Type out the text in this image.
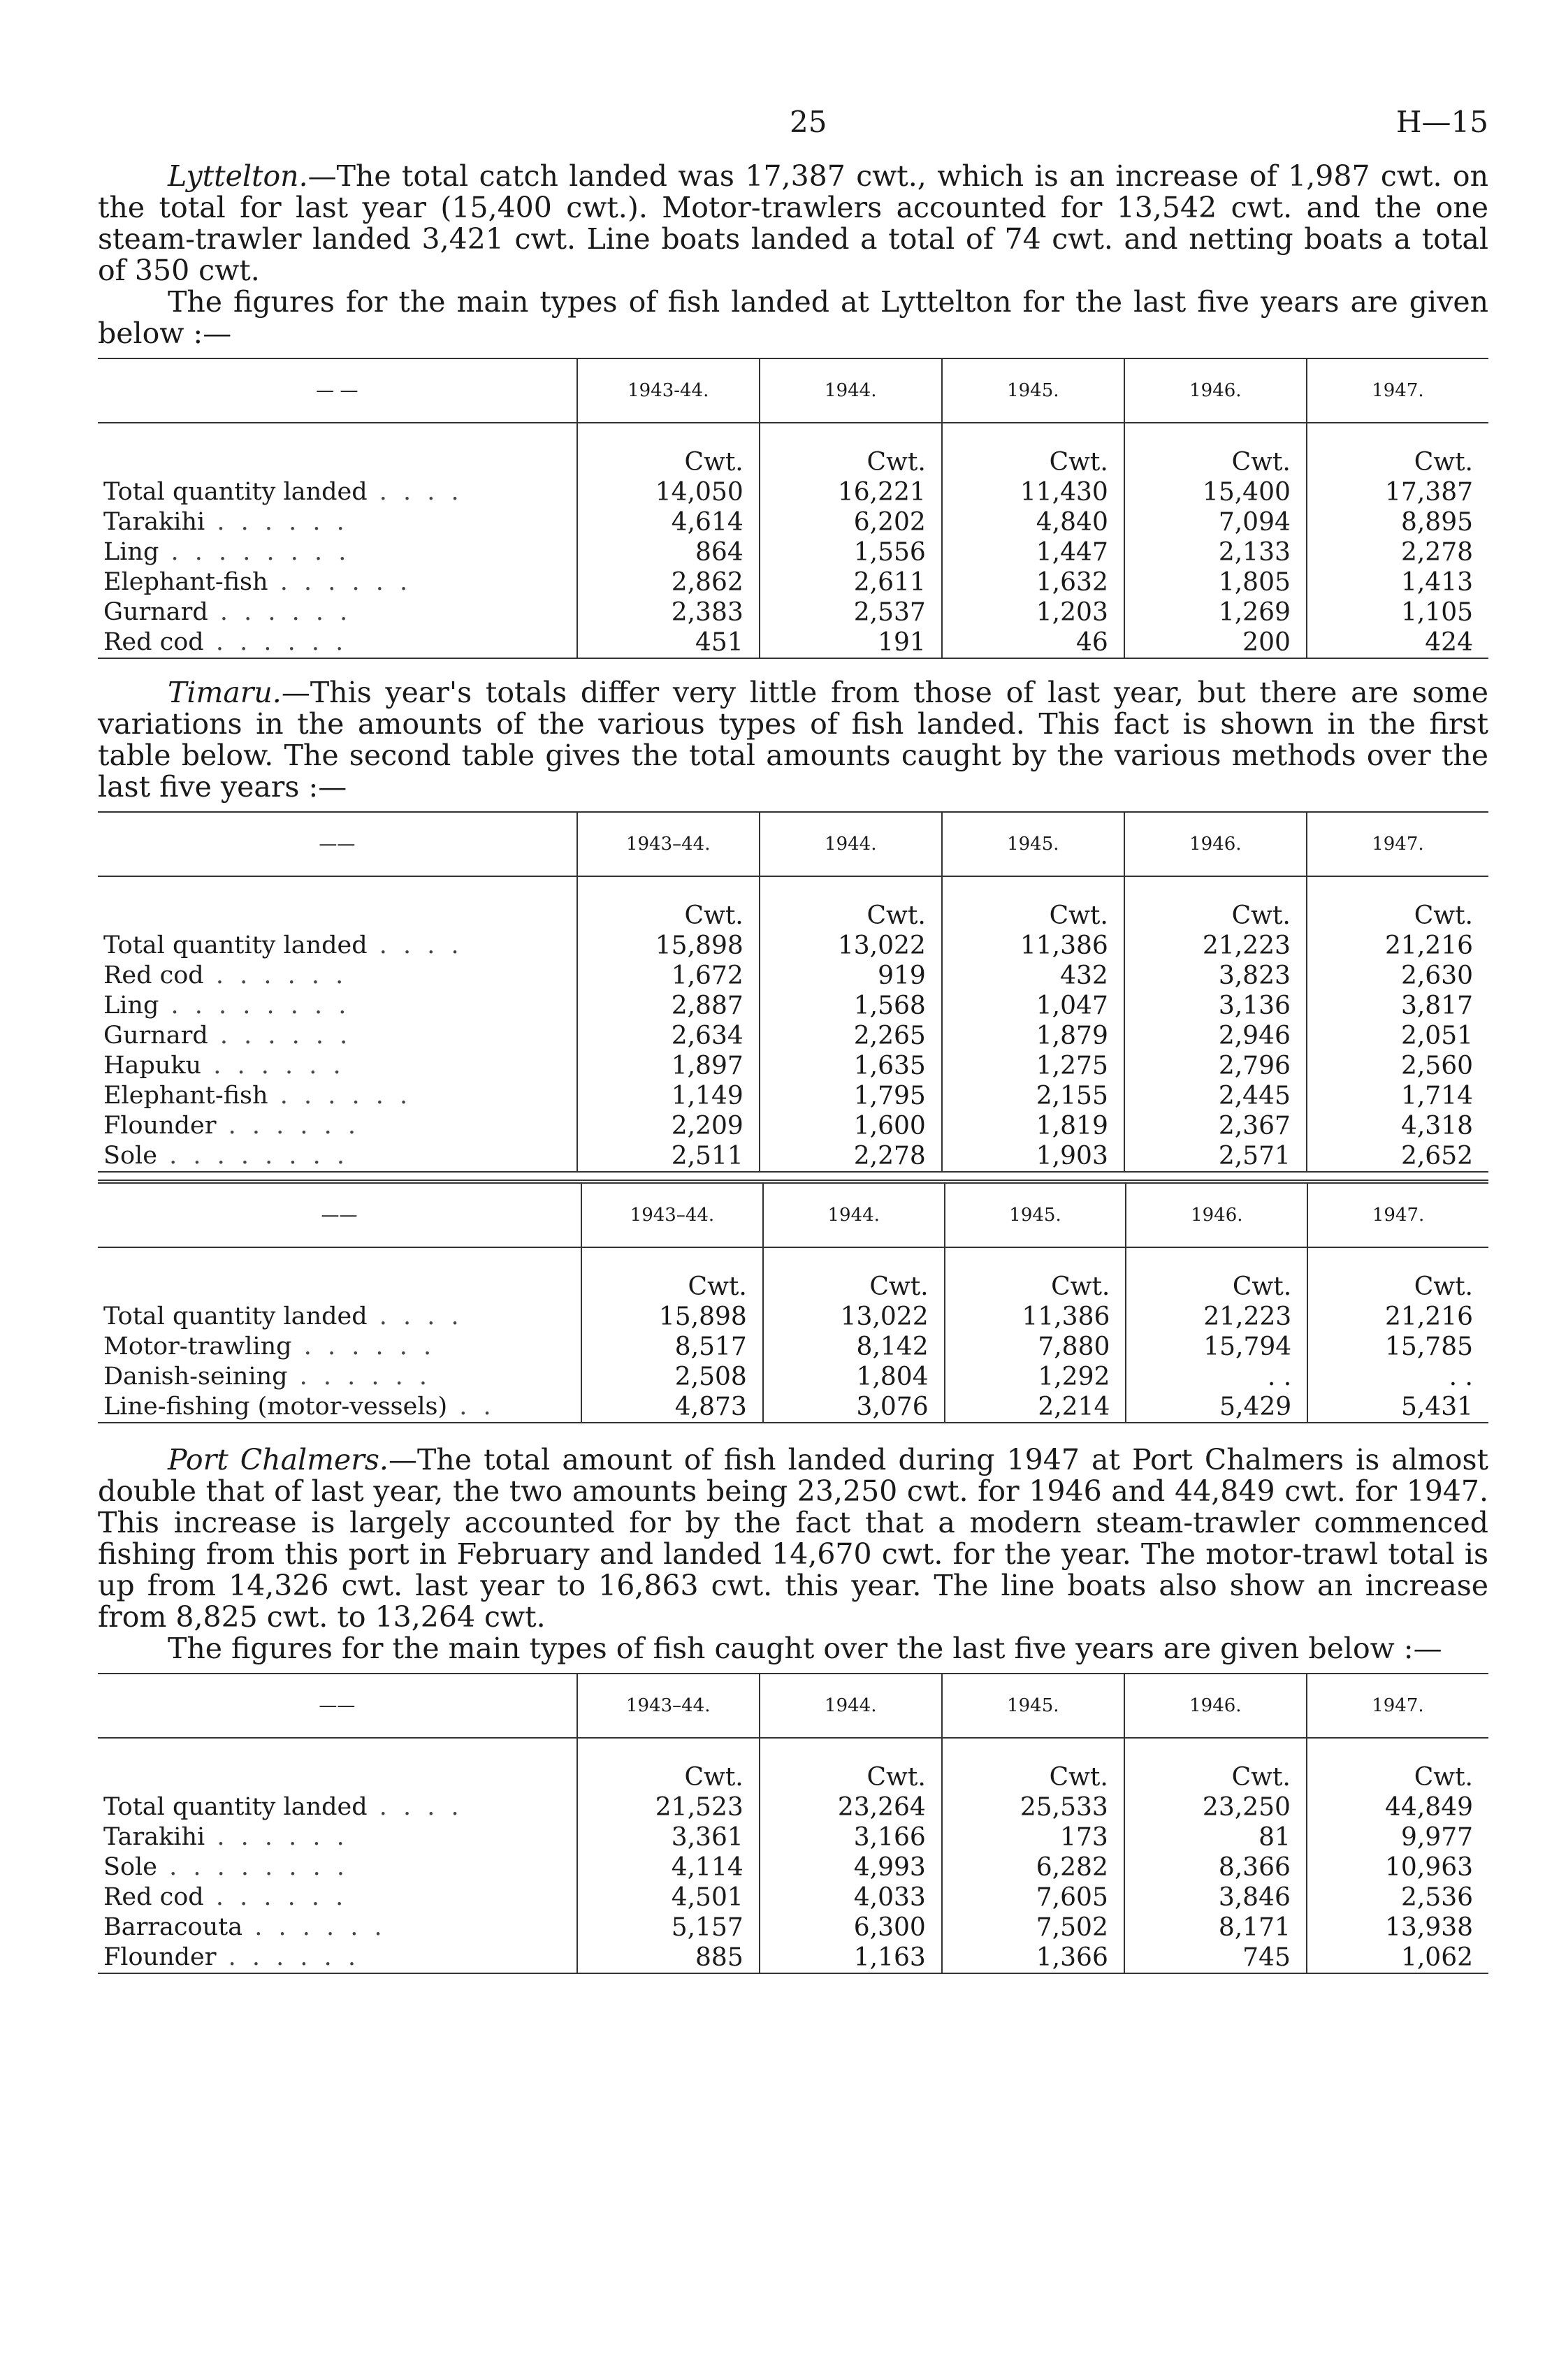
25	H—15

Lyttelton.—The total catch landed was 17,387 cwt., which is an increase of 1,987 cwt. on the total for last year (15,400 cwt.). Motor-trawlers accounted for 13,542 cwt. and the one steam-trawler landed 3,421 cwt. Line boats landed a total of 74 cwt. and netting boats a total of 350 cwt.

The figures for the main types of fish landed at Lyttelton for the last five years are given below :—

— —	1943-44.	1944.	1945.	1946.	1947.
	Cwt.	Cwt.	Cwt.	Cwt.	Cwt.
Total quantity landed . . . .	14,050	16,221	11,430	15,400	17,387
Tarakihi . . . . . .	4,614	6,202	4,840	7,094	8,895
Ling . . . . . . . .	864	1,556	1,447	2,133	2,278
Elephant-fish . . . . . .	2,862	2,611	1,632	1,805	1,413
Gurnard . . . . . .	2,383	2,537	1,203	1,269	1,105
Red cod . . . . . .	451	191	46	200	424

Timaru.—This year's totals differ very little from those of last year, but there are some variations in the amounts of the various types of fish landed. This fact is shown in the first table below. The second table gives the total amounts caught by the various methods over the last five years :—

——	1943–44.	1944.	1945.	1946.	1947.
	Cwt.	Cwt.	Cwt.	Cwt.	Cwt.
Total quantity landed . . . .	15,898	13,022	11,386	21,223	21,216
Red cod . . . . . .	1,672	919	432	3,823	2,630
Ling . . . . . . . .	2,887	1,568	1,047	3,136	3,817
Gurnard . . . . . .	2,634	2,265	1,879	2,946	2,051
Hapuku . . . . . .	1,897	1,635	1,275	2,796	2,560
Elephant-fish . . . . . .	1,149	1,795	2,155	2,445	1,714
Flounder . . . . . .	2,209	1,600	1,819	2,367	4,318
Sole . . . . . . . .	2,511	2,278	1,903	2,571	2,652
——	1943–44.	1944.	1945.	1946.	1947.
	Cwt.	Cwt.	Cwt.	Cwt.	Cwt.
Total quantity landed . . . .	15,898	13,022	11,386	21,223	21,216
Motor-trawling . . . . . .	8,517	8,142	7,880	15,794	15,785
Danish-seining . . . . . .	2,508	1,804	1,292	. .	. .
Line-fishing (motor-vessels) . .	4,873	3,076	2,214	5,429	5,431

Port Chalmers.—The total amount of fish landed during 1947 at Port Chalmers is almost double that of last year, the two amounts being 23,250 cwt. for 1946 and 44,849 cwt. for 1947. This increase is largely accounted for by the fact that a modern steam-trawler commenced fishing from this port in February and landed 14,670 cwt. for the year. The motor-trawl total is up from 14,326 cwt. last year to 16,863 cwt. this year. The line boats also show an increase from 8,825 cwt. to 13,264 cwt.

The figures for the main types of fish caught over the last five years are given below :—

——	1943–44.	1944.	1945.	1946.	1947.
	Cwt.	Cwt.	Cwt.	Cwt.	Cwt.
Total quantity landed . . . .	21,523	23,264	25,533	23,250	44,849
Tarakihi . . . . . .	3,361	3,166	173	81	9,977
Sole . . . . . . . .	4,114	4,993	6,282	8,366	10,963
Red cod . . . . . .	4,501	4,033	7,605	3,846	2,536
Barracouta . . . . . .	5,157	6,300	7,502	8,171	13,938
Flounder . . . . . .	885	1,163	1,366	745	1,062
